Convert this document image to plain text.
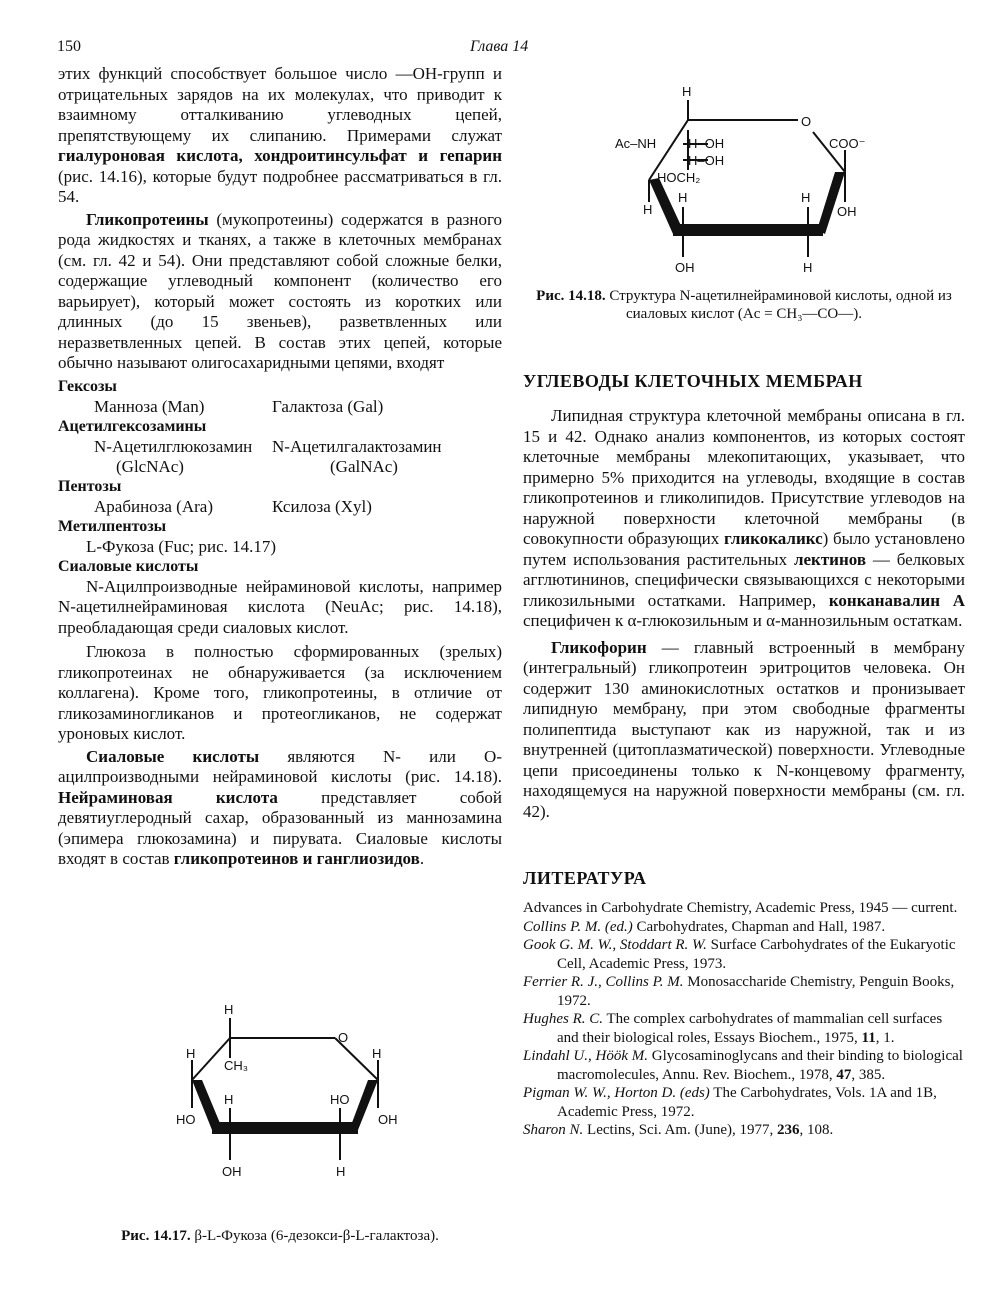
150	Глава 14

этих функций способствует большое число —ОН-групп и отрицательных зарядов на их молекулах, что приводит к взаимному отталкиванию углеводных цепей, препятствующему их слипанию. Примерами служат гиалуроновая кислота, хондроитинсульфат и гепарин (рис. 14.16), которые будут подробнее рассматриваться в гл. 54.

Гликопротеины (мукопротеины) содержатся в разного рода жидкостях и тканях, а также в клеточных мембранах (см. гл. 42 и 54). Они представляют собой сложные белки, содержащие углеводный компонент (количество его варьирует), который может состоять из коротких или длинных (до 15 звеньев), разветвленных или неразветвленных цепей. В состав этих цепей, которые обычно называют олигосахаридными цепями, входят

Гексозы

Манноза (Man)	Галактоза (Gal)

Ацетилгексозамины

N-Ацетилглюкозамин	N-Ацетилгалактозамин
(GlcNAc)	(GalNAc)

Пентозы

Арабиноза (Ara)	Ксилоза (Xyl)

Метилпентозы

L-Фукоза (Fuc; рис. 14.17)

Сиаловые кислоты

N-Ацилпроизводные нейраминовой кислоты, например N-ацетилнейраминовая кислота (NeuAc; рис. 14.18), преобладающая среди сиаловых кислот.

Глюкоза в полностью сформированных (зрелых) гликопротеинах не обнаруживается (за исключением коллагена). Кроме того, гликопротеины, в отличие от гликозаминогликанов и протеогликанов, не содержат уроновых кислот.

Сиаловые кислоты являются N- или O-ацилпроизводными нейраминовой кислоты (рис. 14.18). Нейраминовая кислота представляет собой девятиуглеродный сахар, образованный из маннозамина (эпимера глюкозамина) и пирувата. Сиаловые кислоты входят в состав гликопротеинов и ганглиозидов.

H
O
H
CH₃
H
HO
H	HO
OH
OH	H
Рис. 14.17. β-L-Фукоза (6-дезокси-β-L-галактоза).
H
O
Ac–NH H–OH
H–OH
HOCH₂
COO⁻
H
H	H
OH
OH	H
Рис. 14.18. Структура N-ацетилнейраминовой кислоты, одной из сиаловых кислот (Ac = CH₃—CO—).
УГЛЕВОДЫ КЛЕТОЧНЫХ МЕМБРАН

Липидная структура клеточной мембраны описана в гл. 15 и 42. Однако анализ компонентов, из которых состоят клеточные мембраны млекопитающих, указывает, что примерно 5% приходится на углеводы, входящие в состав гликопротеинов и гликолипидов. Присутствие углеводов на наружной поверхности клеточной мембраны (в совокупности образующих гликокаликс) было установлено путем использования растительных лектинов — белковых агглютининов, специфически связывающихся с некоторыми гликозильными остатками. Например, конканавалин А специфичен к α-глюкозильным и α-маннозильным остаткам.

Гликофорин — главный встроенный в мембрану (интегральный) гликопротеин эритроцитов человека. Он содержит 130 аминокислотных остатков и пронизывает липидную мембрану, при этом свободные фрагменты полипептида выступают как из наружной, так и из внутренней (цитоплазматической) поверхности. Углеводные цепи присоединены только к N-концевому фрагменту, находящемуся на наружной поверхности мембраны (см. гл. 42).

ЛИТЕРАТУРА

Advances in Carbohydrate Chemistry, Academic Press, 1945 — current.

Collins P. M. (ed.) Carbohydrates, Chapman and Hall, 1987.

Gook G. M. W., Stoddart R. W. Surface Carbohydrates of the Eukaryotic Cell, Academic Press, 1973.

Ferrier R. J., Collins P. M. Monosaccharide Chemistry, Penguin Books, 1972.

Hughes R. C. The complex carbohydrates of mammalian cell surfaces and their biological roles, Essays Biochem., 1975, 11, 1.

Lindahl U., Höök M. Glycosaminoglycans and their binding to biological macromolecules, Annu. Rev. Biochem., 1978, 47, 385.

Pigman W. W., Horton D. (eds) The Carbohydrates, Vols. 1A and 1B, Academic Press, 1972.

Sharon N. Lectins, Sci. Am. (June), 1977, 236, 108.
